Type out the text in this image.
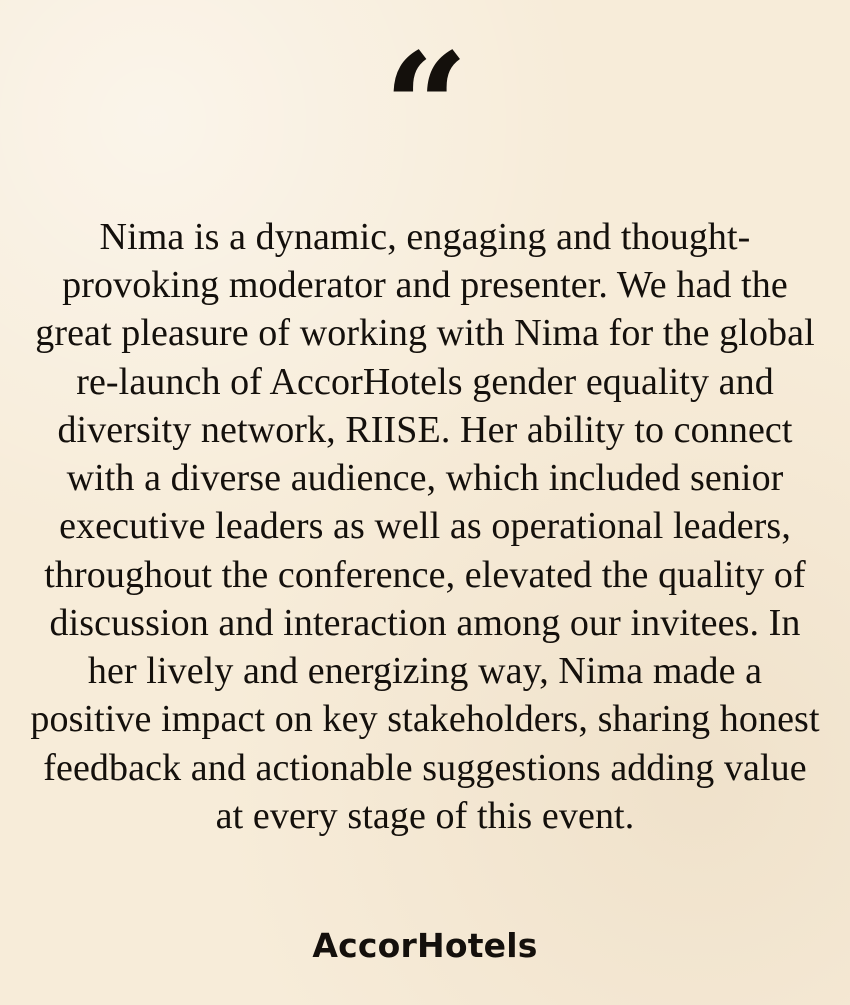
“

Nima is a dynamic, engaging and thought-provoking moderator and presenter. We had the great pleasure of working with Nima for the global re-launch of AccorHotels gender equality and diversity network, RIISE. Her ability to connect with a diverse audience, which included senior executive leaders as well as operational leaders, throughout the conference, elevated the quality of discussion and interaction among our invitees. In her lively and energizing way, Nima made a positive impact on key stakeholders, sharing honest feedback and actionable suggestions adding value at every stage of this event.

AccorHotels
